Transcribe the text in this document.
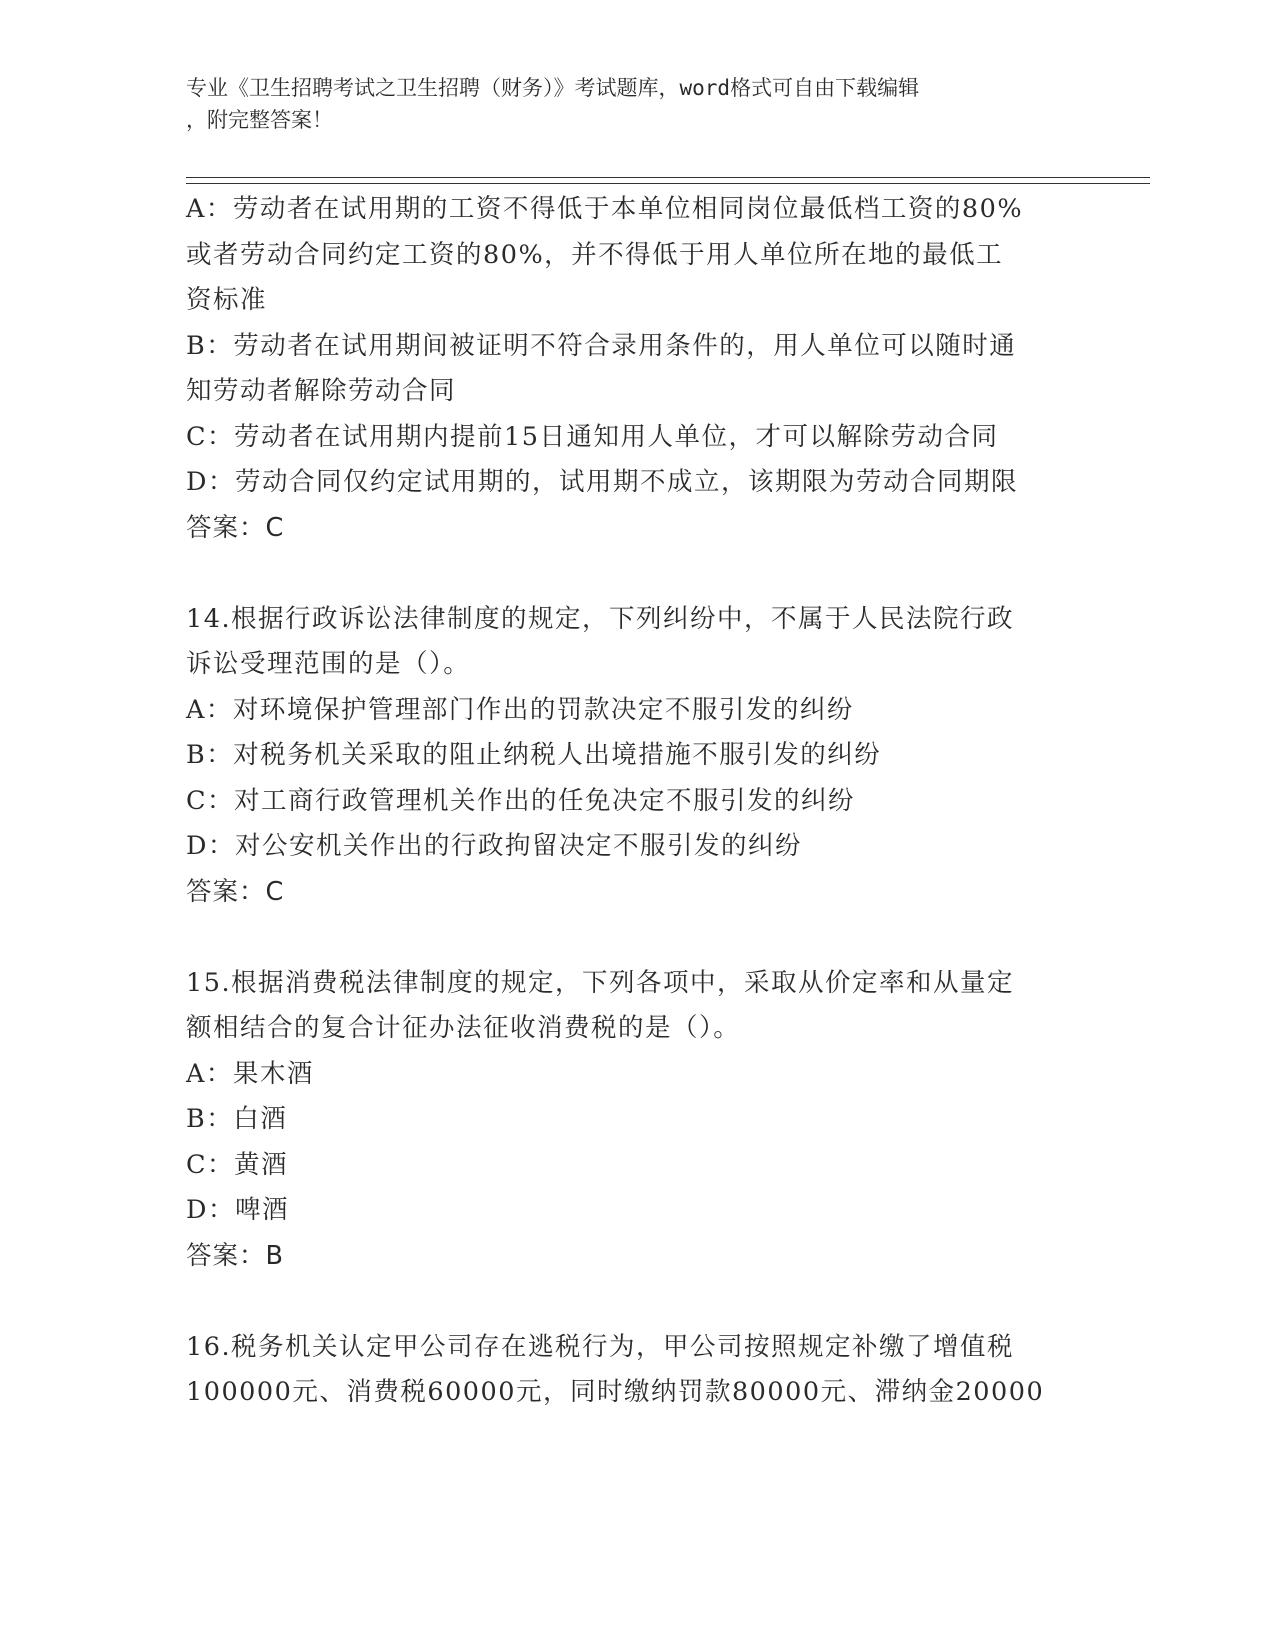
专业《卫生招聘考试之卫生招聘（财务）》考试题库，word格式可自由下载编辑
，附完整答案！
A：劳动者在试用期的工资不得低于本单位相同岗位最低档工资的80%
或者劳动合同约定工资的80%，并不得低于用人单位所在地的最低工
资标准
B：劳动者在试用期间被证明不符合录用条件的，用人单位可以随时通
知劳动者解除劳动合同
C：劳动者在试用期内提前15日通知用人单位，才可以解除劳动合同
D：劳动合同仅约定试用期的，试用期不成立，该期限为劳动合同期限
答案：C
14.根据行政诉讼法律制度的规定，下列纠纷中，不属于人民法院行政
诉讼受理范围的是（）。
A：对环境保护管理部门作出的罚款决定不服引发的纠纷
B：对税务机关采取的阻止纳税人出境措施不服引发的纠纷
C：对工商行政管理机关作出的任免决定不服引发的纠纷
D：对公安机关作出的行政拘留决定不服引发的纠纷
答案：C
15.根据消费税法律制度的规定，下列各项中，采取从价定率和从量定
额相结合的复合计征办法征收消费税的是（）。
A：果木酒
B：白酒
C：黄酒
D：啤酒
答案：B
16.税务机关认定甲公司存在逃税行为，甲公司按照规定补缴了增值税
100000元、消费税60000元，同时缴纳罚款80000元、滞纳金20000
